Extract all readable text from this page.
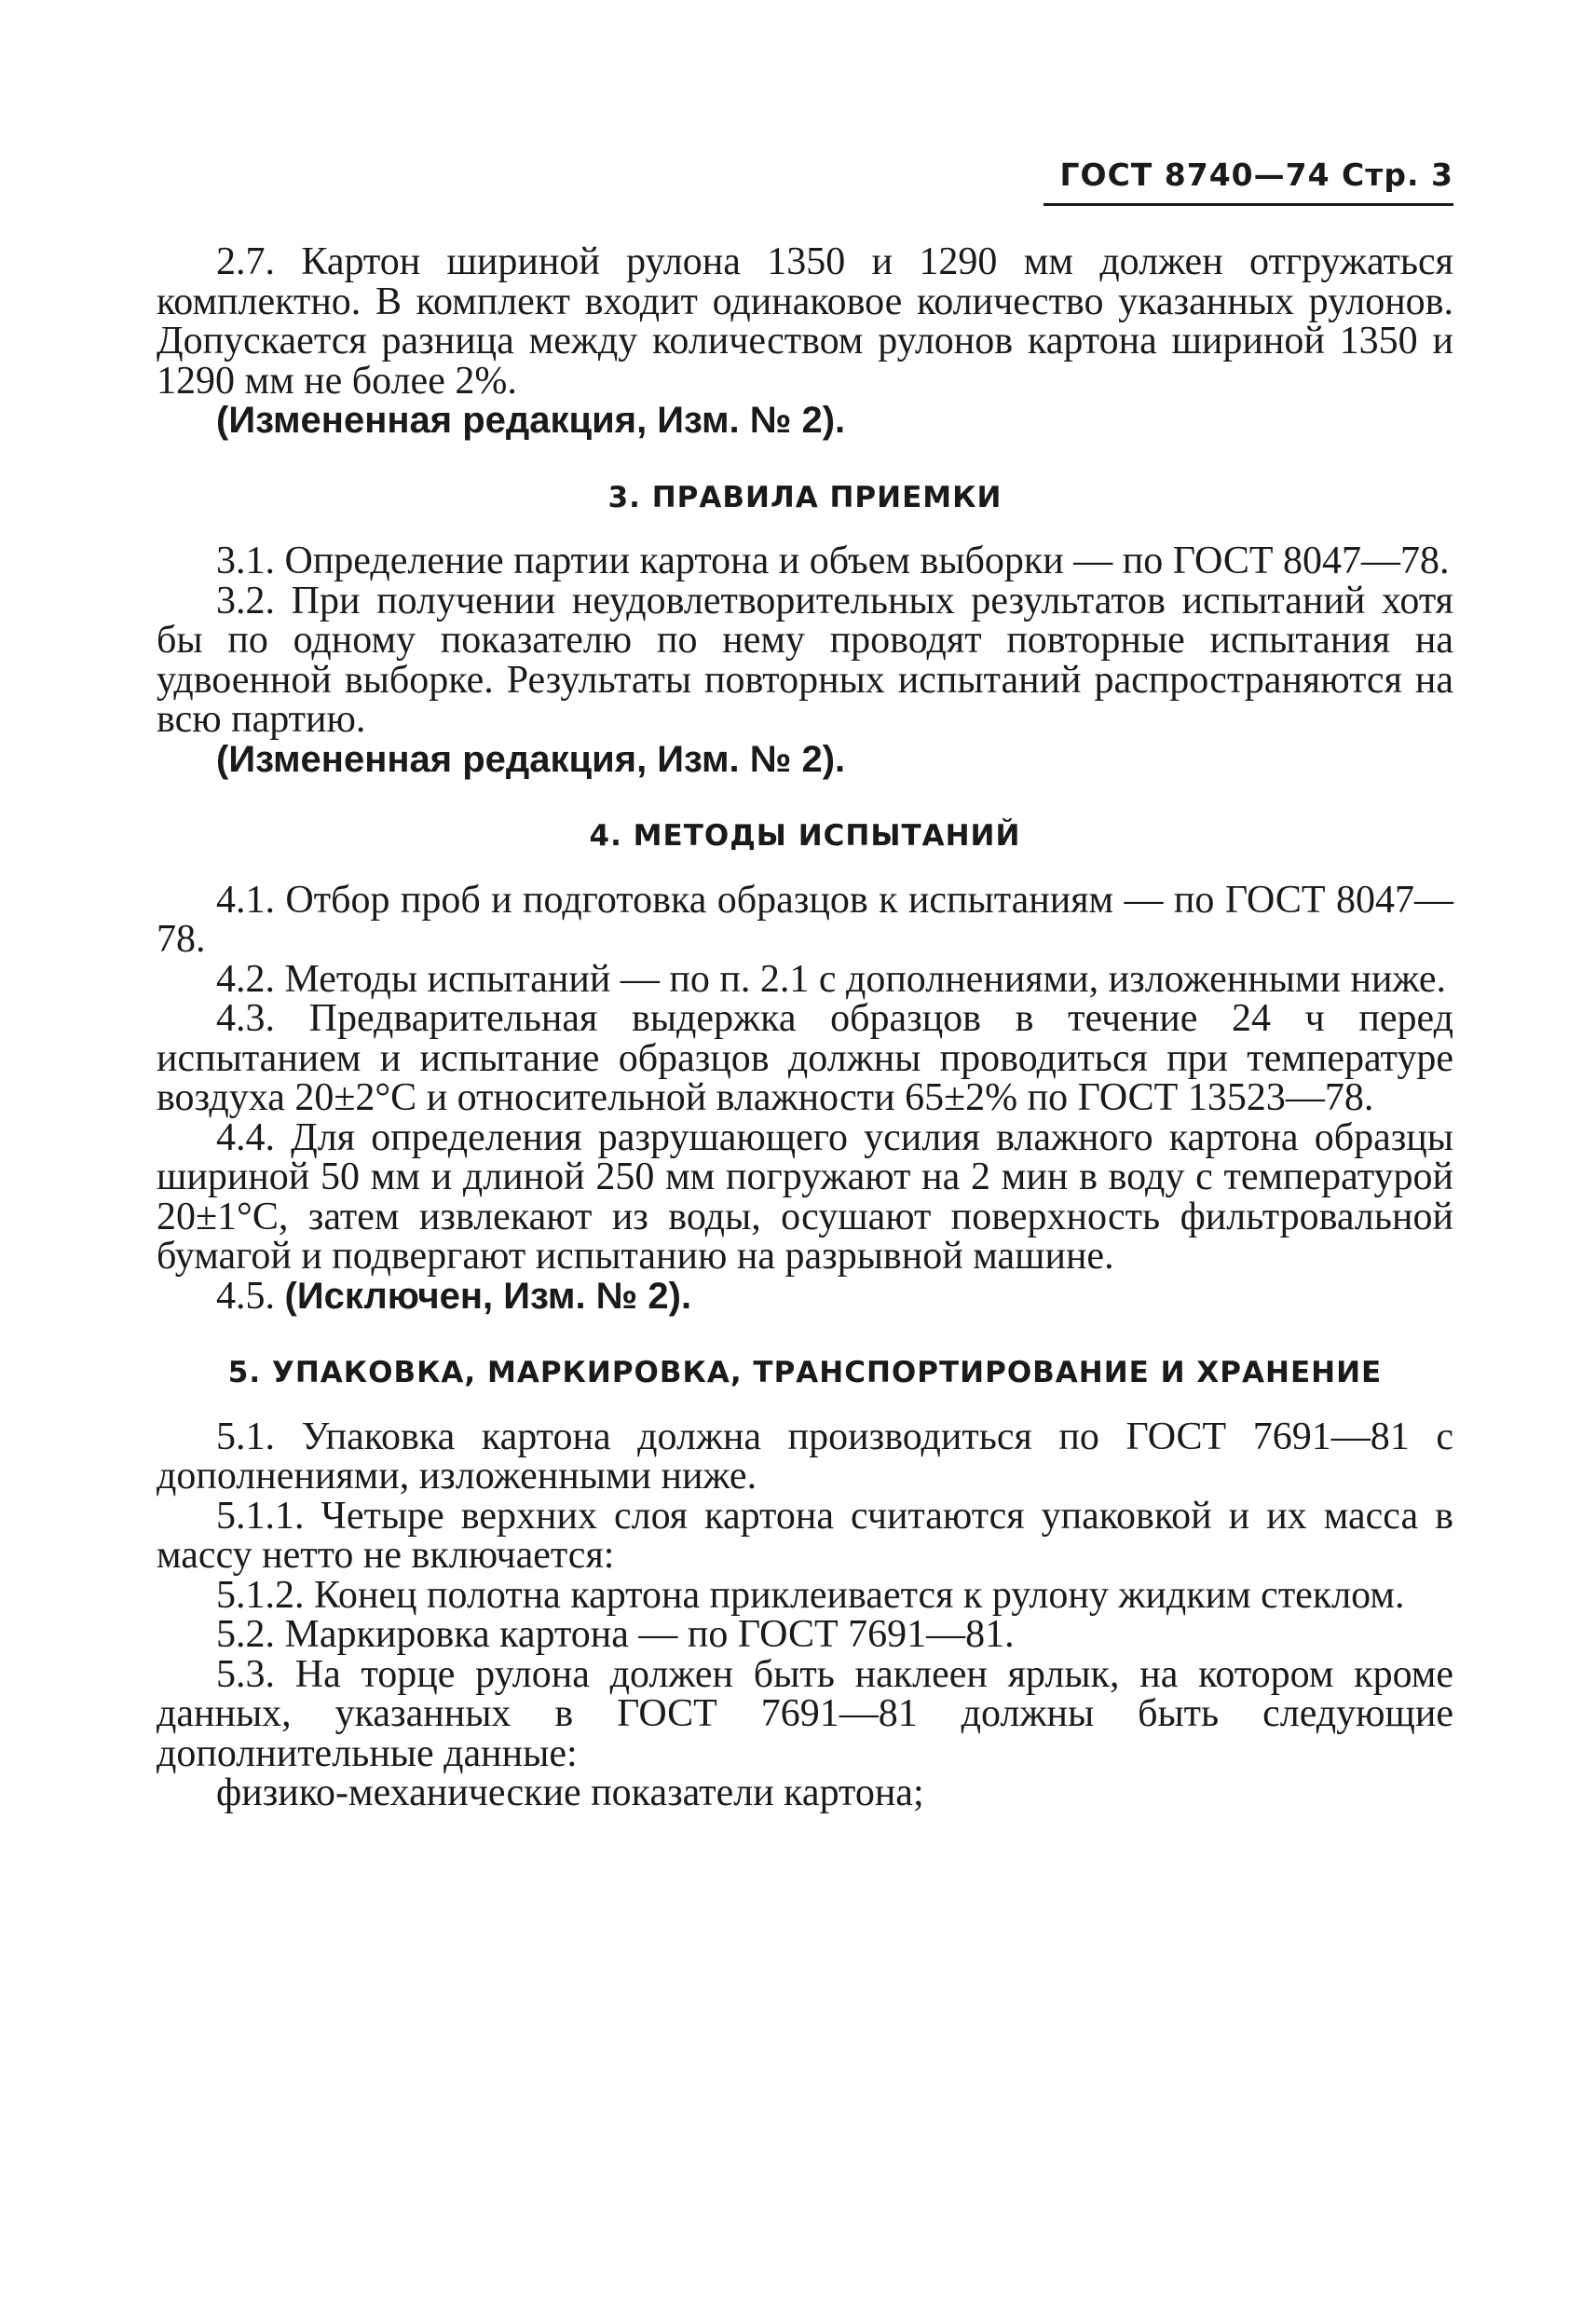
ГОСТ 8740—74 Стр. 3

2.7. Картон шириной рулона 1350 и 1290 мм должен отгружаться комплектно. В комплект входит одинаковое количество указанных рулонов. Допускается разница между количеством рулонов картона шириной 1350 и 1290 мм не более 2%.

(Измененная редакция, Изм. № 2).

3. ПРАВИЛА ПРИЕМКИ

3.1. Определение партии картона и объем выборки — по ГОСТ 8047—78.

3.2. При получении неудовлетворительных результатов испытаний хотя бы по одному показателю по нему проводят повторные испытания на удвоенной выборке. Результаты повторных испытаний распространяются на всю партию.

(Измененная редакция, Изм. № 2).

4. МЕТОДЫ ИСПЫТАНИЙ

4.1. Отбор проб и подготовка образцов к испытаниям — по ГОСТ 8047—78.

4.2. Методы испытаний — по п. 2.1 с дополнениями, изложенными ниже.

4.3. Предварительная выдержка образцов в течение 24 ч перед испытанием и испытание образцов должны проводиться при температуре воздуха 20±2°С и относительной влажности 65±2% по ГОСТ 13523—78.

4.4. Для определения разрушающего усилия влажного картона образцы шириной 50 мм и длиной 250 мм погружают на 2 мин в воду с температурой 20±1°С, затем извлекают из воды, осушают поверхность фильтровальной бумагой и подвергают испытанию на разрывной машине.

4.5. (Исключен, Изм. № 2).

5. УПАКОВКА, МАРКИРОВКА, ТРАНСПОРТИРОВАНИЕ И ХРАНЕНИЕ

5.1. Упаковка картона должна производиться по ГОСТ 7691—81 с дополнениями, изложенными ниже.

5.1.1. Четыре верхних слоя картона считаются упаковкой и их масса в массу нетто не включается:

5.1.2. Конец полотна картона приклеивается к рулону жидким стеклом.

5.2. Маркировка картона — по ГОСТ 7691—81.

5.3. На торце рулона должен быть наклеен ярлык, на котором кроме данных, указанных в ГОСТ 7691—81 должны быть следующие дополнительные данные:

физико-механические показатели картона;
